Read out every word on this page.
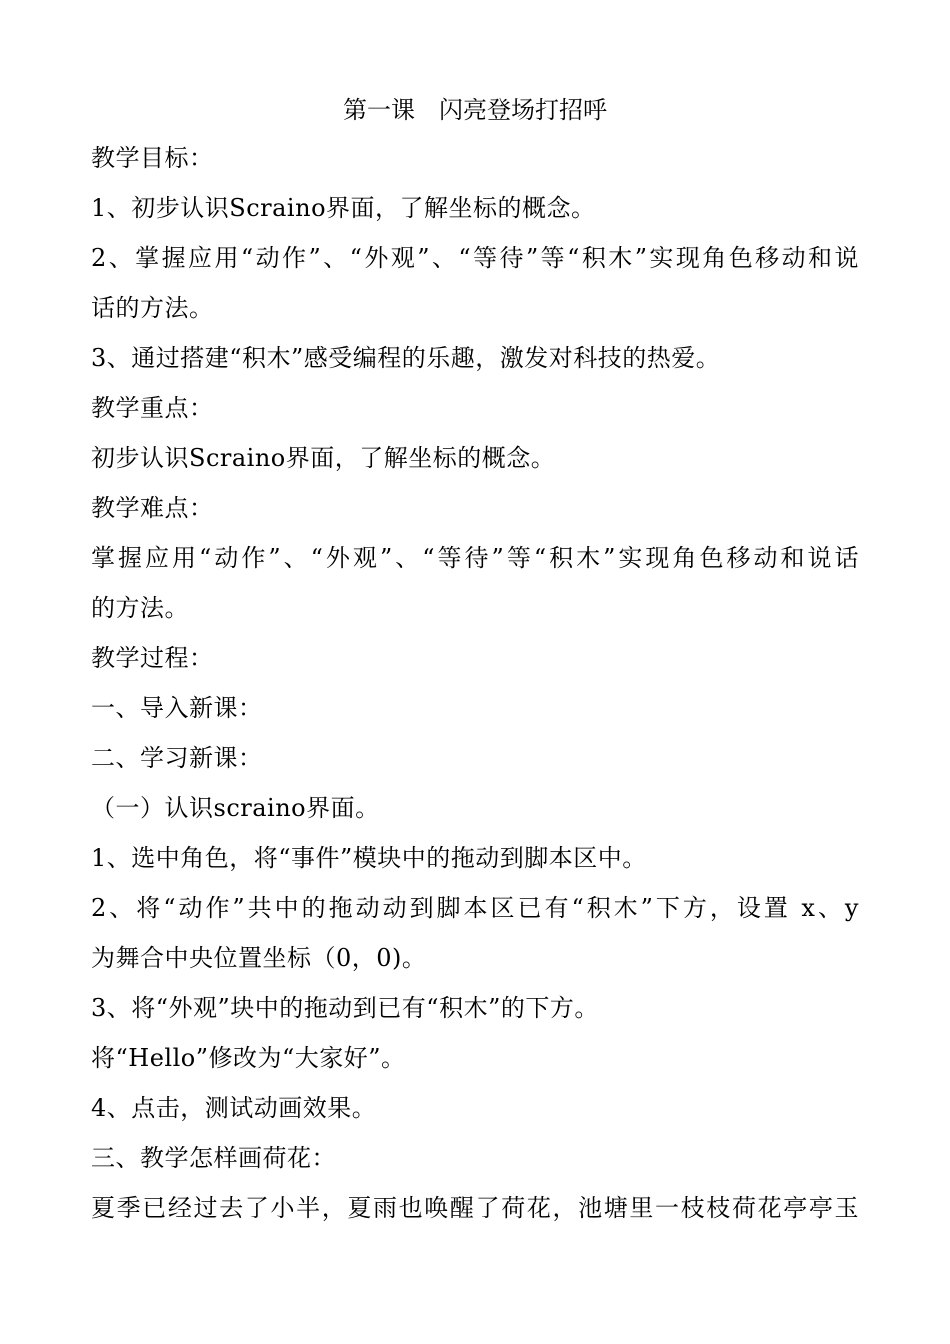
第一课　闪亮登场打招呼
教学目标：
1、初步认识Scraino界面，了解坐标的概念。
2、掌握应用“动作”、“外观”、“等待”等“积木”实现角色移动和说
话的方法。
3、通过搭建“积木”感受编程的乐趣，激发对科技的热爱。
教学重点：
初步认识Scraino界面，了解坐标的概念。
教学难点：
掌握应用“动作”、“外观”、“等待”等“积木”实现角色移动和说话
的方法。
教学过程：
一、导入新课：
二、学习新课：
（一）认识scraino界面。
1、选中角色，将“事件”模块中的拖动到脚本区中。
2、将“动作”共中的拖动动到脚本区已有“积木”下方，设置 x、y
为舞合中央位置坐标（0，0)。
3、将“外观”块中的拖动到已有“积木”的下方。
将“Hello”修改为“大家好”。
4、点击，测试动画效果。
三、教学怎样画荷花：
夏季已经过去了小半，夏雨也唤醒了荷花，池塘里一枝枝荷花亭亭玉
